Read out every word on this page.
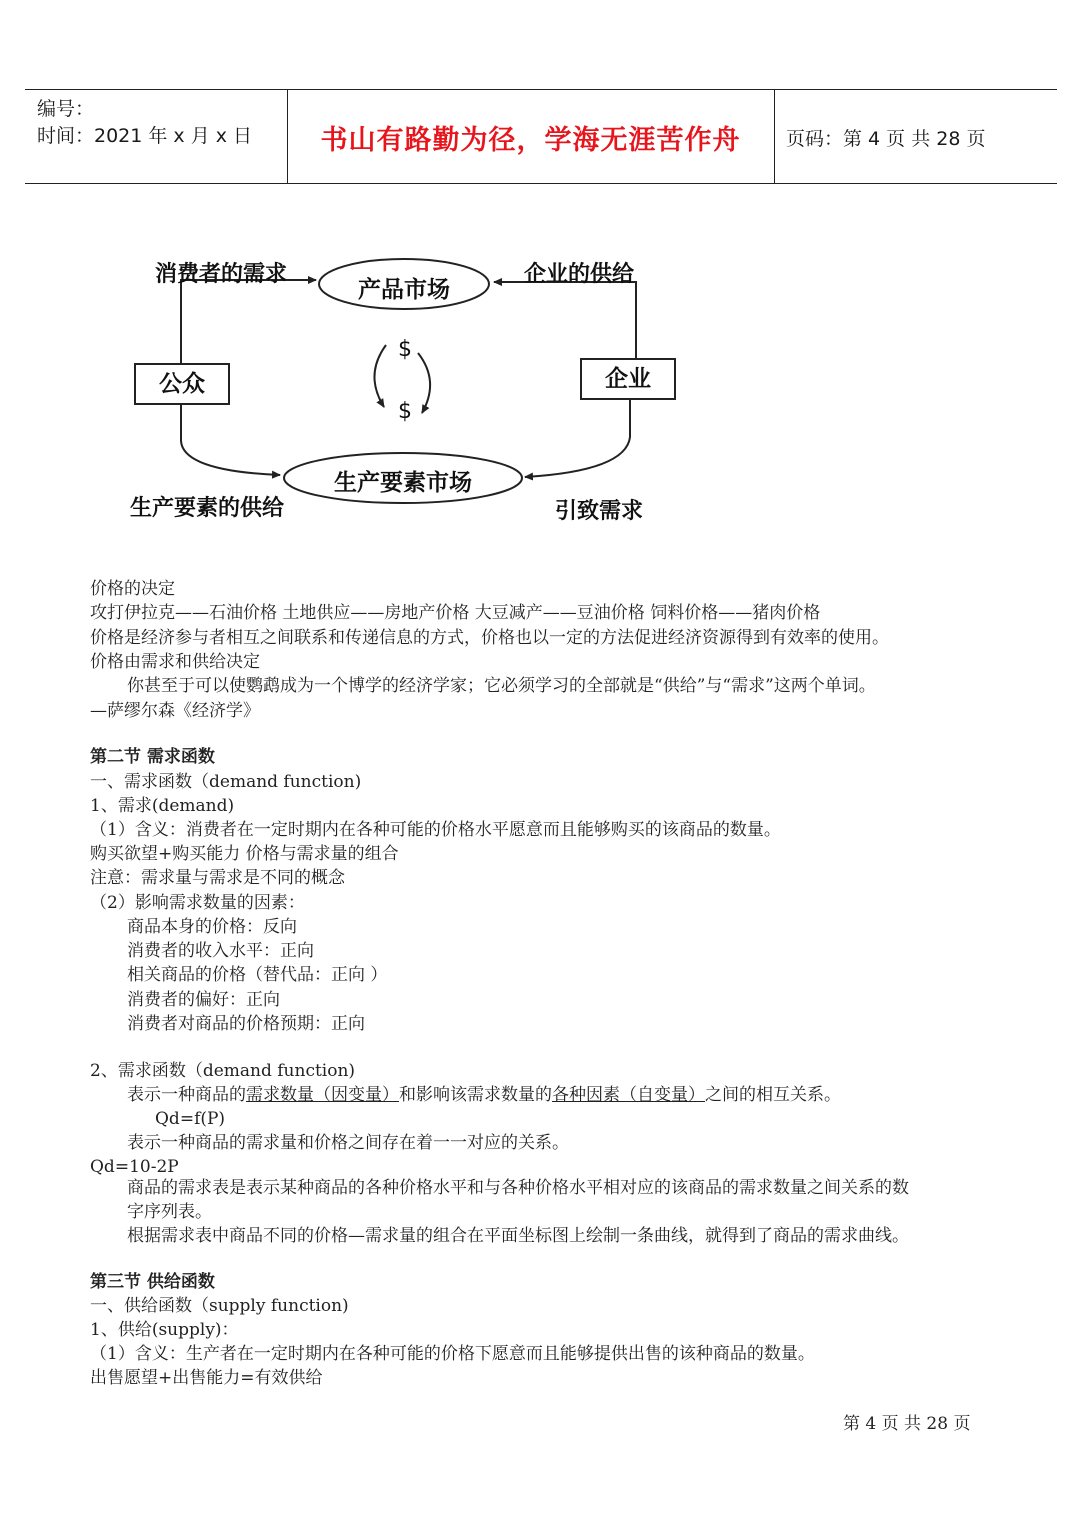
编号：
时间：2021 年 x 月 x 日	书山有路勤为径，学海无涯苦作舟	页码：第 4 页 共 28 页
消费者的需求
产品市场
企业的供给
公众	企业
$
$
生产要素市场
生产要素的供给	引致需求
价格的决定
攻打伊拉克——石油价格 土地供应——房地产价格 大豆减产——豆油价格 饲料价格——猪肉价格
价格是经济参与者相互之间联系和传递信息的方式，价格也以一定的方法促进经济资源得到有效率的使用。
价格由需求和供给决定
你甚至于可以使鹦鹉成为一个博学的经济学家；它必须学习的全部就是“供给”与“需求”这两个单词。
—萨缪尔森《经济学》
第二节 需求函数
一、需求函数（demand function)
1、需求(demand)
（1）含义：消费者在一定时期内在各种可能的价格水平愿意而且能够购买的该商品的数量。
购买欲望+购买能力 价格与需求量的组合
注意：需求量与需求是不同的概念
（2）影响需求数量的因素：
商品本身的价格：反向
消费者的收入水平：正向
相关商品的价格（替代品：正向 ）
消费者的偏好：正向
消费者对商品的价格预期：正向
2、需求函数（demand function)
表示一种商品的需求数量（因变量）和影响该需求数量的各种因素（自变量）之间的相互关系。
Qd=f(P)
表示一种商品的需求量和价格之间存在着一一对应的关系。
Qd=10-2P
商品的需求表是表示某种商品的各种价格水平和与各种价格水平相对应的该商品的需求数量之间关系的数
字序列表。
根据需求表中商品不同的价格—需求量的组合在平面坐标图上绘制一条曲线，就得到了商品的需求曲线。
第三节 供给函数
一、供给函数（supply function)
1、供给(supply)：
（1）含义：生产者在一定时期内在各种可能的价格下愿意而且能够提供出售的该种商品的数量。
出售愿望+出售能力=有效供给
第 4 页 共 28 页
